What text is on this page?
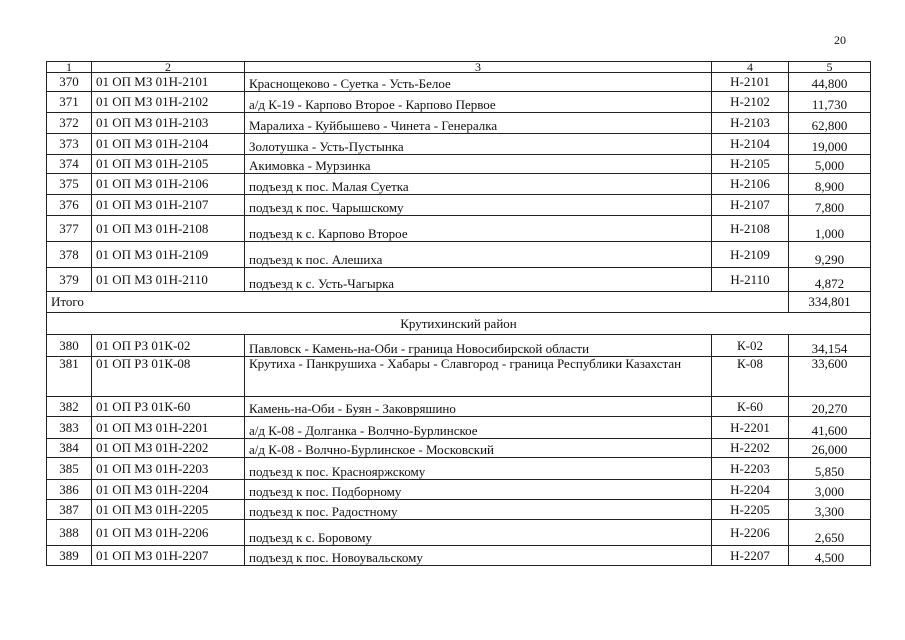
20
1	2	3	4	5
370	01 ОП МЗ 01Н-2101	Краснощеково - Суетка - Усть-Белое	Н-2101	44,800
371	01 ОП МЗ 01Н-2102	а/д К-19 - Карпово Второе - Карпово Первое	Н-2102	11,730
372	01 ОП МЗ 01Н-2103	Маралиха - Куйбышево - Чинета - Генералка	Н-2103	62,800
373	01 ОП МЗ 01Н-2104	Золотушка - Усть-Пустынка	Н-2104	19,000
374	01 ОП МЗ 01Н-2105	Акимовка - Мурзинка	Н-2105	5,000
375	01 ОП МЗ 01Н-2106	подъезд к пос. Малая Суетка	Н-2106	8,900
376	01 ОП МЗ 01Н-2107	подъезд к пос. Чарышскому	Н-2107	7,800
377	01 ОП МЗ 01Н-2108	подъезд к с. Карпово Второе	Н-2108	1,000
378	01 ОП МЗ 01Н-2109	подъезд к пос. Алешиха	Н-2109	9,290
379	01 ОП МЗ 01Н-2110	подъезд к с. Усть-Чагырка	Н-2110	4,872
Итого				334,801
Крутихинский район				
380	01 ОП РЗ 01К-02	Павловск - Камень-на-Оби - граница Новосибирской области	К-02	34,154
381	01 ОП РЗ 01К-08	Крутиха - Панкрушиха - Хабары - Славгород - граница Республики Казахстан	К-08	33,600
382	01 ОП РЗ 01К-60	Камень-на-Оби - Буян - Заковряшино	К-60	20,270
383	01 ОП МЗ 01Н-2201	а/д К-08 - Долганка - Волчно-Бурлинское	Н-2201	41,600
384	01 ОП МЗ 01Н-2202	а/д К-08 - Волчно-Бурлинское - Московский	Н-2202	26,000
385	01 ОП МЗ 01Н-2203	подъезд к пос. Краснояржскому	Н-2203	5,850
386	01 ОП МЗ 01Н-2204	подъезд к пос. Подборному	Н-2204	3,000
387	01 ОП МЗ 01Н-2205	подъезд к пос. Радостному	Н-2205	3,300
388	01 ОП МЗ 01Н-2206	подъезд к с. Боровому	Н-2206	2,650
389	01 ОП МЗ 01Н-2207	подъезд к пос. Новоувальскому	Н-2207	4,500
